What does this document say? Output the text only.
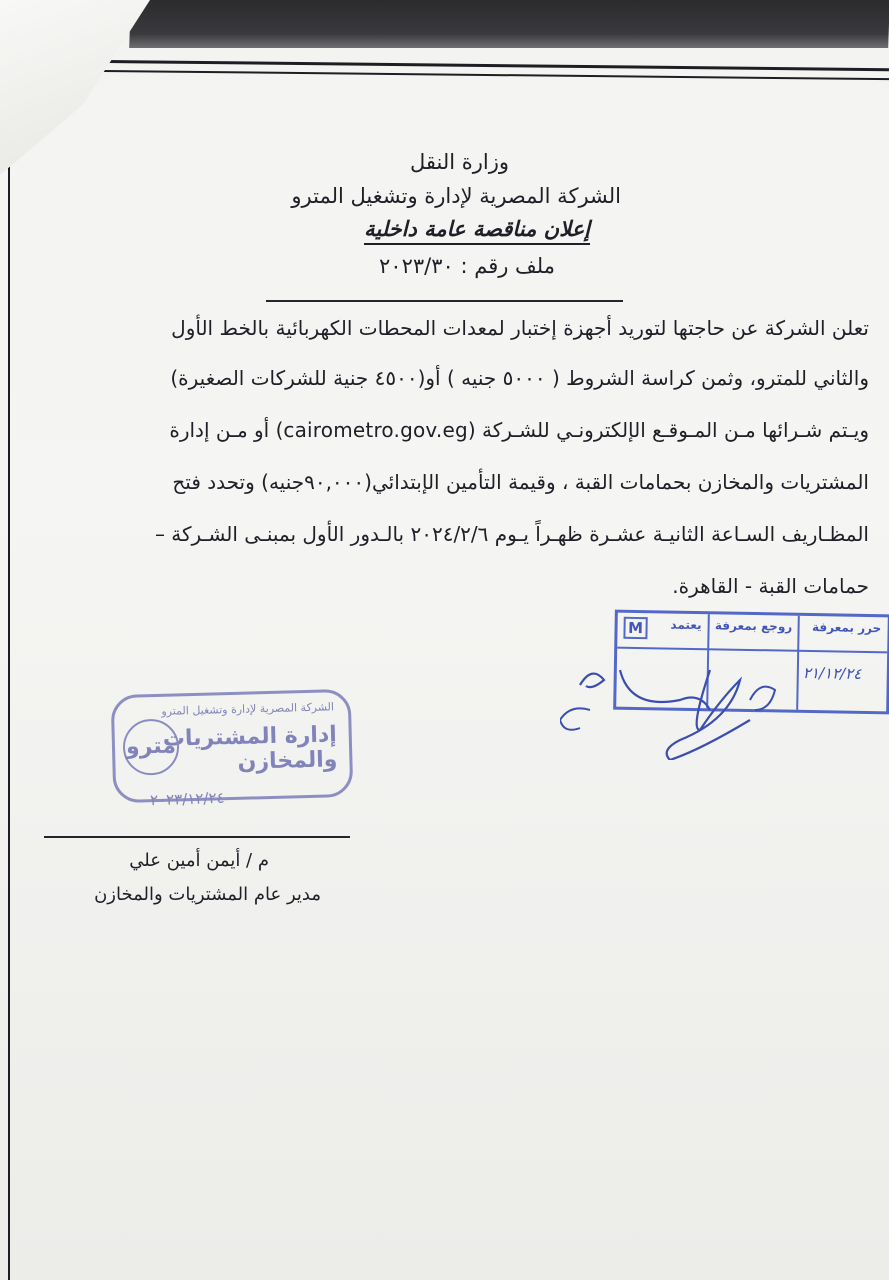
وزارة النقل
الشركة المصرية لإدارة وتشغيل المترو
إعلان مناقصة عامة داخلية
ملف رقم : ٢٠٢٣/٣٠
تعلن الشركة عن حاجتها لتوريد أجهزة إختبار لمعدات المحطات الكهربائية بالخط الأول
والثاني للمترو، وثمن كراسة الشروط ( ٥٠٠٠ جنيه ) أو(٤٥٠٠ جنية للشركات الصغيرة)
ويـتم شـرائها مـن المـوقـع الإلكترونـي للشـركة (cairometro.gov.eg) أو مـن إدارة
المشتريات والمخازن بحمامات القبة ، وقيمة التأمين الإبتدائي(٩٠,٠٠٠جنيه) وتحدد فتح
المظـاريف السـاعة الثانيـة عشـرة ظهـراً يـوم ٢٠٢٤/٢/٦ بالـدور الأول بمبنـى الشـركة –
حمامات القبة - القاهرة.
حرر بمعرفة
روجع بمعرفة
يعتمد
M
٢١/١٢/٢٤
الشركة المصرية لإدارة وتشغيل المترو
إدارة المشتريات والمخازن
مترو
٢٠٢٣/١٢/٢٤
م / أيمن أمين علي
مدير عام المشتريات والمخازن
